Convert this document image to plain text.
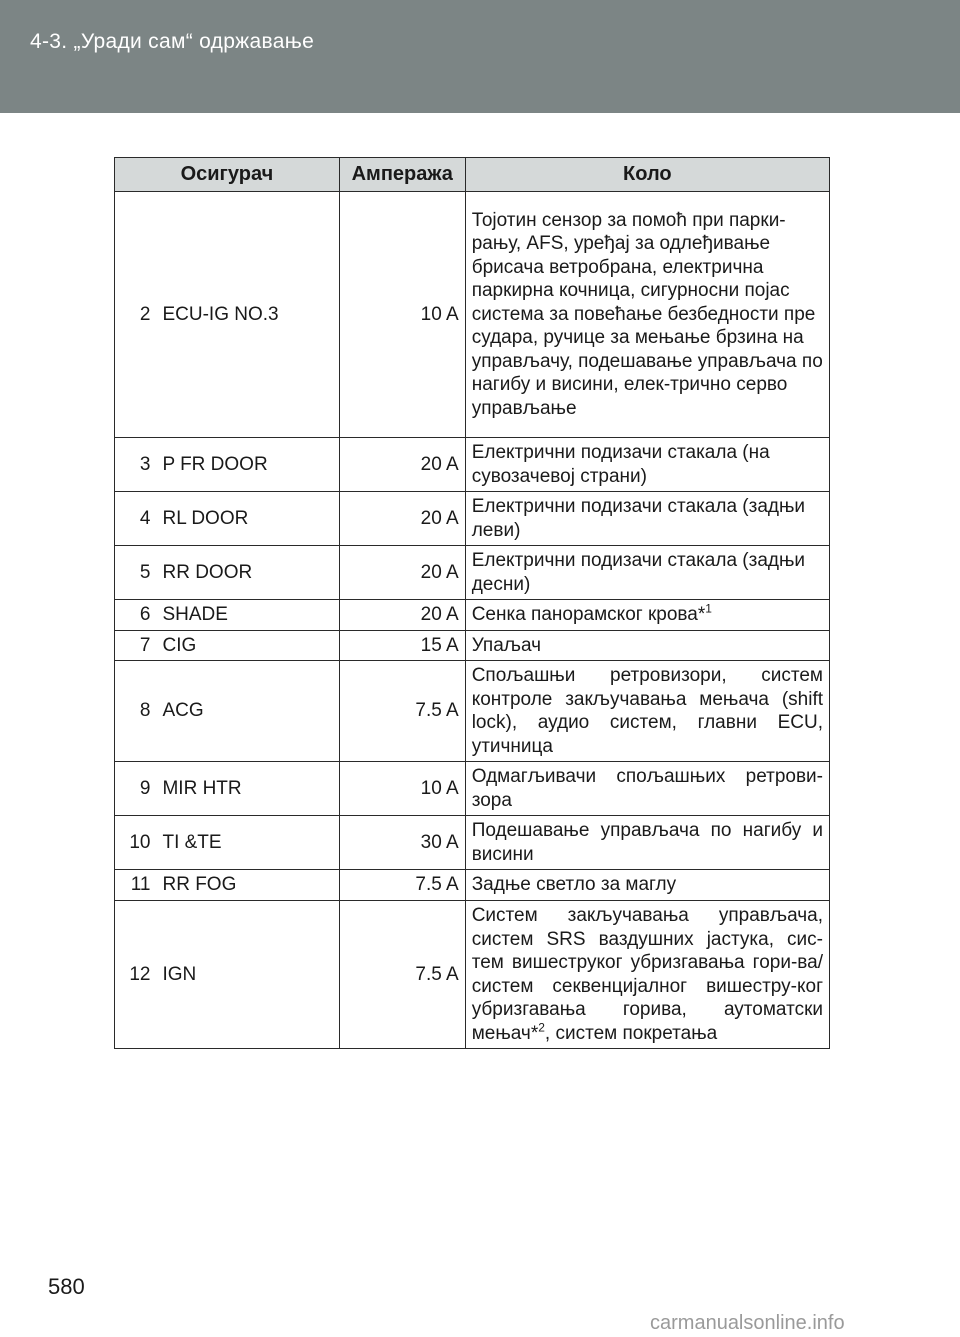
4-3. „Уради сам“ одржавање
Осигурач		Ампеража	Коло
2	ECU-IG NO.3	10 A	Тојотин сензор за помоћ при парки-рању, AFS, уређај за одлеђивање брисача ветробрана, електрична паркирна кочница, сигурносни појас система за повећање безбедности пре судара, ручице за мењање брзина на управљачу, подешавање управљача по нагибу и висини, елек-трично серво управљање
3	P FR DOOR	20 A	Електрични подизачи стакала (на сувозачевој страни)
4	RL DOOR	20 A	Електрични подизачи стакала (задњи леви)
5	RR DOOR	20 A	Електрични подизачи стакала (задњи десни)
6	SHADE	20 A	Сенка панорамског крова*$^1$
7	CIG	15 A	Упаљач
8	ACG	7.5 A	Спољашњи ретровизори, систем контроле закључавања мењача (shift lock), аудио систем, главни ECU, утичница
9	MIR HTR	10 A	Одмагљивачи спољашњих ретрови-зора
10	TI &TE	30 A	Подешавање управљача по нагибу и висини
11	RR FOG	7.5 A	Задње светло за маглу
12	IGN	7.5 A	Систем закључавања управљача, систем SRS ваздушних јастука, сис-тем вишеструког убризгавања гори-ва/систем секвенцијалног вишестру-ког убризгавања горива, аутоматски мењач*$^2$, систем покретања
580
carmanualsonline.info
